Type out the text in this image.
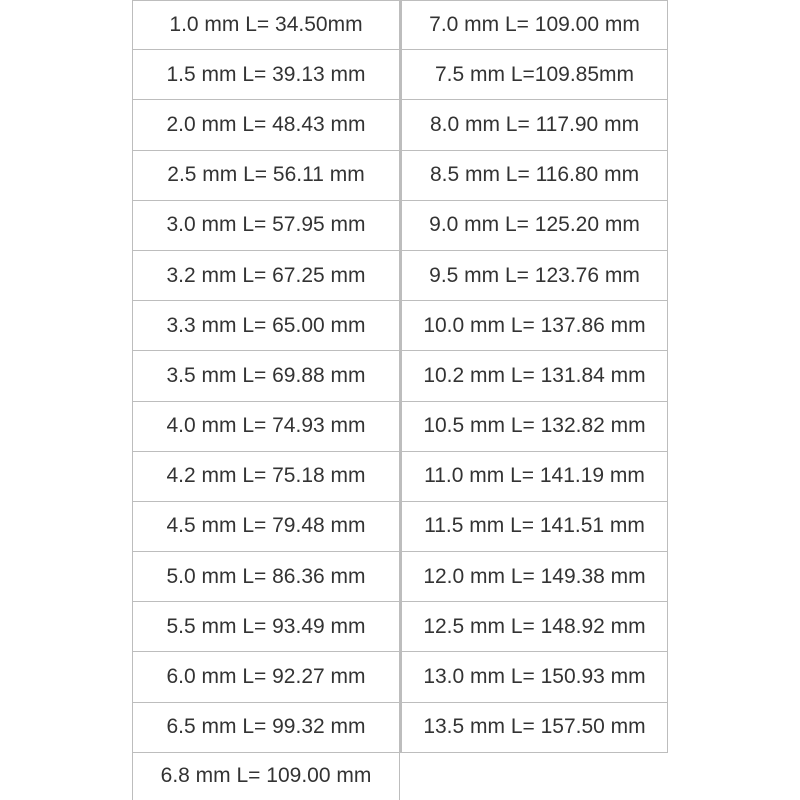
1.0 mm L= 34.50mm
1.5 mm L= 39.13 mm
2.0 mm L= 48.43 mm
2.5 mm L= 56.11 mm
3.0 mm L= 57.95 mm
3.2 mm L= 67.25 mm
3.3 mm L= 65.00 mm
3.5 mm L= 69.88 mm
4.0 mm L= 74.93 mm
4.2 mm L= 75.18 mm
4.5 mm L= 79.48 mm
5.0 mm L= 86.36 mm
5.5 mm L= 93.49 mm
6.0 mm L= 92.27 mm
6.5 mm L= 99.32 mm
6.8 mm L= 109.00 mm
7.0 mm L= 109.00 mm
7.5 mm L=109.85mm
8.0 mm L= 117.90 mm
8.5 mm L= 116.80 mm
9.0 mm L= 125.20 mm
9.5 mm L= 123.76 mm
10.0 mm L= 137.86 mm
10.2 mm L= 131.84 mm
10.5 mm L= 132.82 mm
11.0 mm L= 141.19 mm
11.5 mm L= 141.51 mm
12.0 mm L= 149.38 mm
12.5 mm L= 148.92 mm
13.0 mm L= 150.93 mm
13.5 mm L= 157.50 mm
